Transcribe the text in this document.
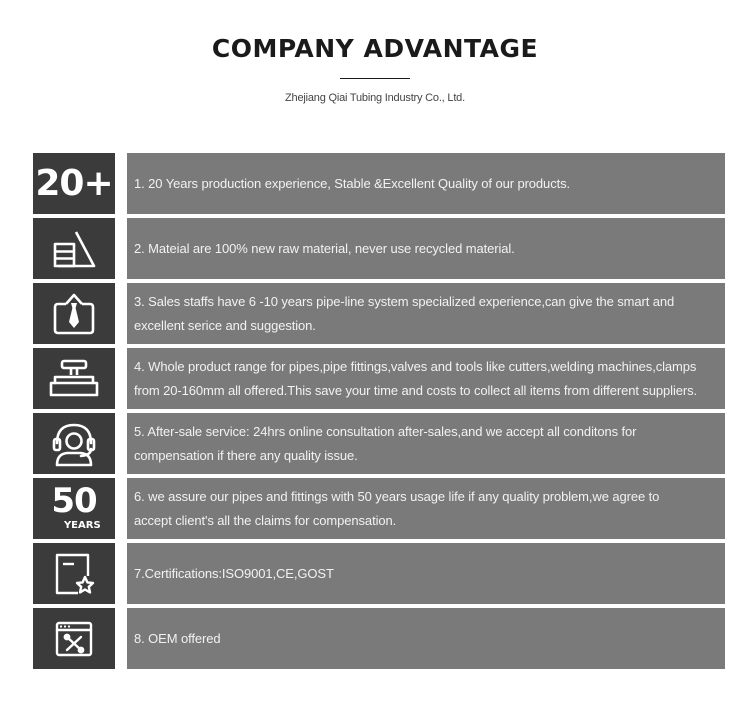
COMPANY ADVANTAGE
Zhejiang Qiai Tubing Industry Co., Ltd.
20+ 1. 20 Years production experience, Stable &Excellent Quality of our products.
2. Mateial are 100% new raw material, never use recycled material.
3. Sales staffs have 6 -10 years pipe-line system specialized experience,can give the smart and
excellent serice and suggestion.
4. Whole product range for pipes,pipe fittings,valves and tools like cutters,welding machines,clamps
from 20-160mm all offered.This save your time and costs to collect all items from different suppliers.
5. After-sale service: 24hrs online consultation after-sales,and we accept all conditons for
compensation if there any quality issue.
50
YEARS
6. we assure our pipes and fittings with 50 years usage life if any quality problem,we agree to
accept client's all the claims for compensation.
7.Certifications:ISO9001,CE,GOST
8. OEM offered
